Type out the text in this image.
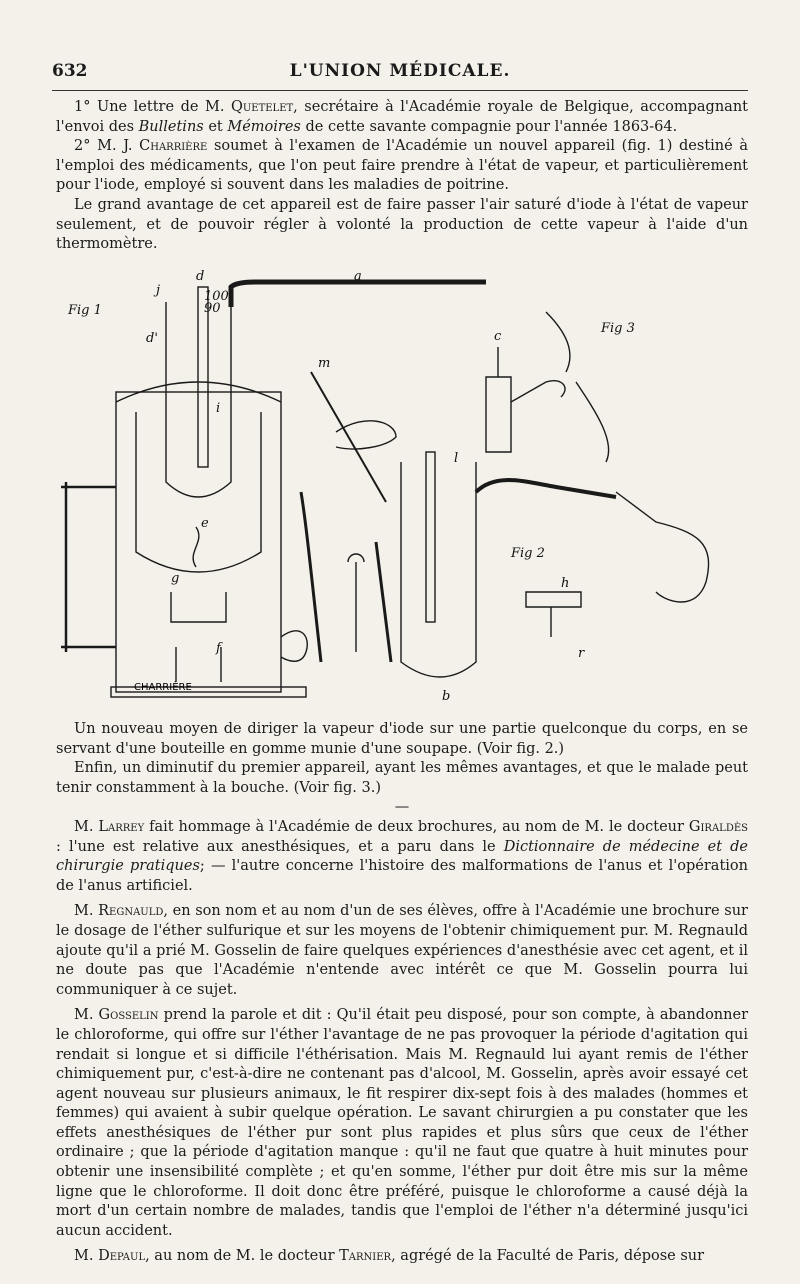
632	L'UNION MÉDICALE.

1° Une lettre de M. Quetelet, secrétaire à l'Académie royale de Belgique, accompagnant l'envoi des Bulletins et Mémoires de cette savante compagnie pour l'année 1863-64.

2° M. J. Charrière soumet à l'examen de l'Académie un nouvel appareil (fig. 1) destiné à l'emploi des médicaments, que l'on peut faire prendre à l'état de vapeur, et particulièrement pour l'iode, employé si souvent dans les maladies de poitrine.

Le grand avantage de cet appareil est de faire passer l'air saturé d'iode à l'état de vapeur seulement, et de pouvoir régler à volonté la production de cette vapeur à l'aide d'un thermomètre.

Fig 1
Fig 3
Fig 2
CHARRIÈRE
a
d
j
d'
i
e
g
f
m
c
l
b
h
r
100
90

Un nouveau moyen de diriger la vapeur d'iode sur une partie quelconque du corps, en se servant d'une bouteille en gomme munie d'une soupape. (Voir fig. 2.)

Enfin, un diminutif du premier appareil, ayant les mêmes avantages, et que le malade peut tenir constamment à la bouche. (Voir fig. 3.)

—

M. Larrey fait hommage à l'Académie de deux brochures, au nom de M. le docteur Giraldès : l'une est relative aux anesthésiques, et a paru dans le Dictionnaire de médecine et de chirurgie pratiques; — l'autre concerne l'histoire des malformations de l'anus et l'opération de l'anus artificiel.

M. Regnauld, en son nom et au nom d'un de ses élèves, offre à l'Académie une brochure sur le dosage de l'éther sulfurique et sur les moyens de l'obtenir chimiquement pur. M. Regnauld ajoute qu'il a prié M. Gosselin de faire quelques expériences d'anesthésie avec cet agent, et il ne doute pas que l'Académie n'entende avec intérêt ce que M. Gosselin pourra lui communiquer à ce sujet.

M. Gosselin prend la parole et dit : Qu'il était peu disposé, pour son compte, à abandonner le chloroforme, qui offre sur l'éther l'avantage de ne pas provoquer la période d'agitation qui rendait si longue et si difficile l'éthérisation. Mais M. Regnauld lui ayant remis de l'éther chimiquement pur, c'est-à-dire ne contenant pas d'alcool, M. Gosselin, après avoir essayé cet agent nouveau sur plusieurs animaux, le fit respirer dix-sept fois à des malades (hommes et femmes) qui avaient à subir quelque opération. Le savant chirurgien a pu constater que les effets anesthésiques de l'éther pur sont plus rapides et plus sûrs que ceux de l'éther ordinaire ; que la période d'agitation manque : qu'il ne faut que quatre à huit minutes pour obtenir une insensibilité complète ; et qu'en somme, l'éther pur doit être mis sur la même ligne que le chloroforme. Il doit donc être préféré, puisque le chloroforme a causé déjà la mort d'un certain nombre de malades, tandis que l'emploi de l'éther n'a déterminé jusqu'ici aucun accident.

M. Depaul, au nom de M. le docteur Tarnier, agrégé de la Faculté de Paris, dépose sur
